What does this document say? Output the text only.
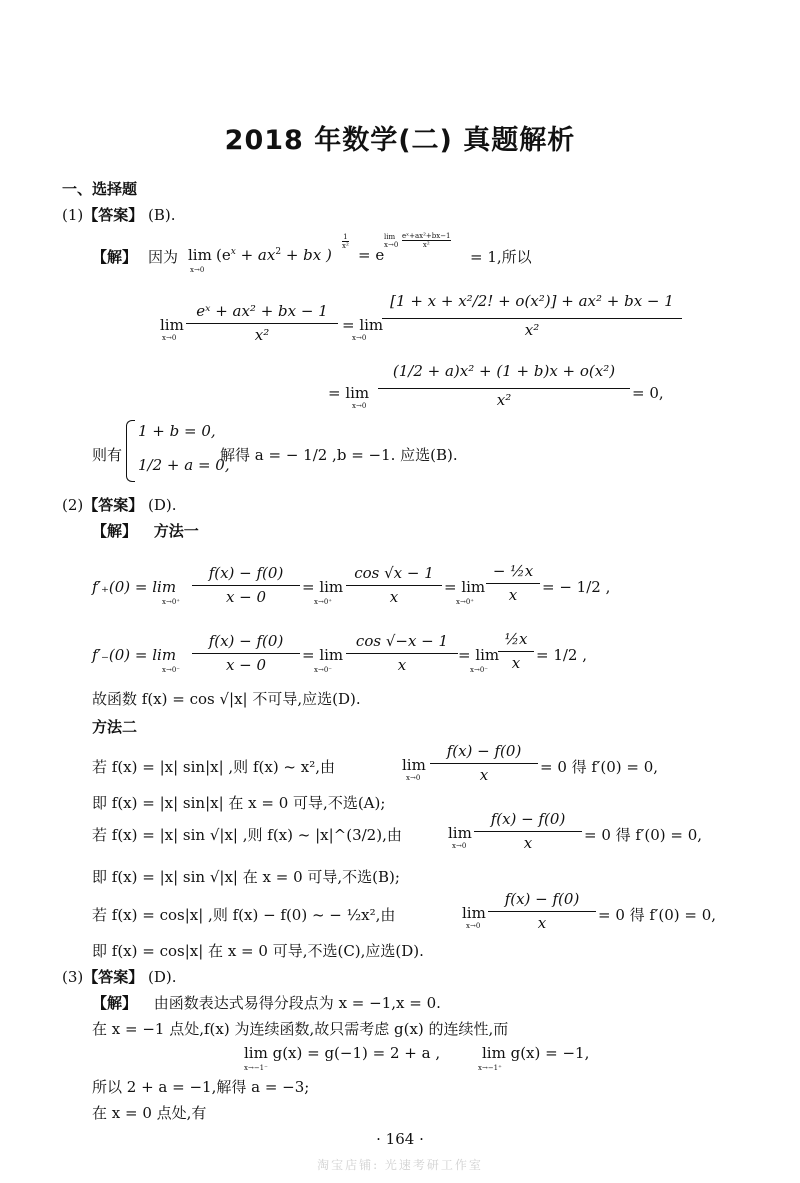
2018 年数学(二) 真题解析
一、选择题
(1)【答案】 (B).
【解】 因为 lim
x→0
($e^x + ax^2$ + bx )
1
x² = e
lim
x→0
eˣ+ax²+bx−1
x²
= 1,所以
lim
$x\to 0 \frac{\text{eˣ + ax² + bx − 1}}{\text{x²}} = \lim$
$x\to 0 \frac{\text{[1 + x + x²/2! + o(x²)] + ax² + bx − 1}}{\text{x²}}$
= lim
$x\to 0 \frac{\text{(1/2 + a)x² + (1 + b)x + o(x²)}}{\text{x²}} = 0$,
则有
1 + b = 0,
1/2 + a = 0,
解得 a = − 1/2 ,b = −1. 应选(B).
(2)【答案】 (D).
【解】 方法一
f′₊(0) = lim
$x\to 0^+ \frac{f(x) - f(0)}{x - 0} = \lim$
$x\to 0^+ \frac{\cos √x - 1}{x} = \lim$
$x\to 0^+ \frac{\text{− ½x}}{x}$ = − 1/2 ,
f′₋(0) = lim
$x\to 0^- \frac{f(x) - f(0)}{x - 0} = \lim$
$x\to 0^- \frac{\cos √-x - 1}{x} = \lim$
$x\to 0^- \frac{\text{½x}}{x} = 1/2$ ,
故函数 f(x) = cos √|x| 不可导,应选(D).
方法二
若 f(x) = |x| sin|x| ,则 f(x) ~ x²,由	lim
$x\to 0 \frac{f(x) - f(0)}{x} = 0$ 得 f′(0) = 0,
即 f(x) = |x| sin|x| 在 x = 0 可导,不选(A);
若 f(x) = |x| sin √|x| ,则 f(x) ~ |x|^(3/2),由	lim
$x\to 0 \frac{f(x) - f(0)}{x} = 0$ 得 f′(0) = 0,
即 f(x) = |x| sin √|x| 在 x = 0 可导,不选(B);
若 f(x) = cos|x| ,则 f(x) − f(0) ~ − ½x²,由	lim
$x\to 0 \frac{f(x) - f(0)}{x} = 0$ 得 f′(0) = 0,
即 f(x) = cos|x| 在 x = 0 可导,不选(C),应选(D).
(3)【答案】 (D).
【解】 由函数表达式易得分段点为 x = −1,x = 0.
在 x = −1 点处,f(x) 为连续函数,故只需考虑 g(x) 的连续性,而
lim g(x) = g(−1) = 2 + a ,
x→−1⁻
lim g(x) = −1,
x→−1⁺
所以 2 + a = −1,解得 a = −3;
在 x = 0 点处,有
· 164 ·
淘宝店铺: 光速考研工作室
